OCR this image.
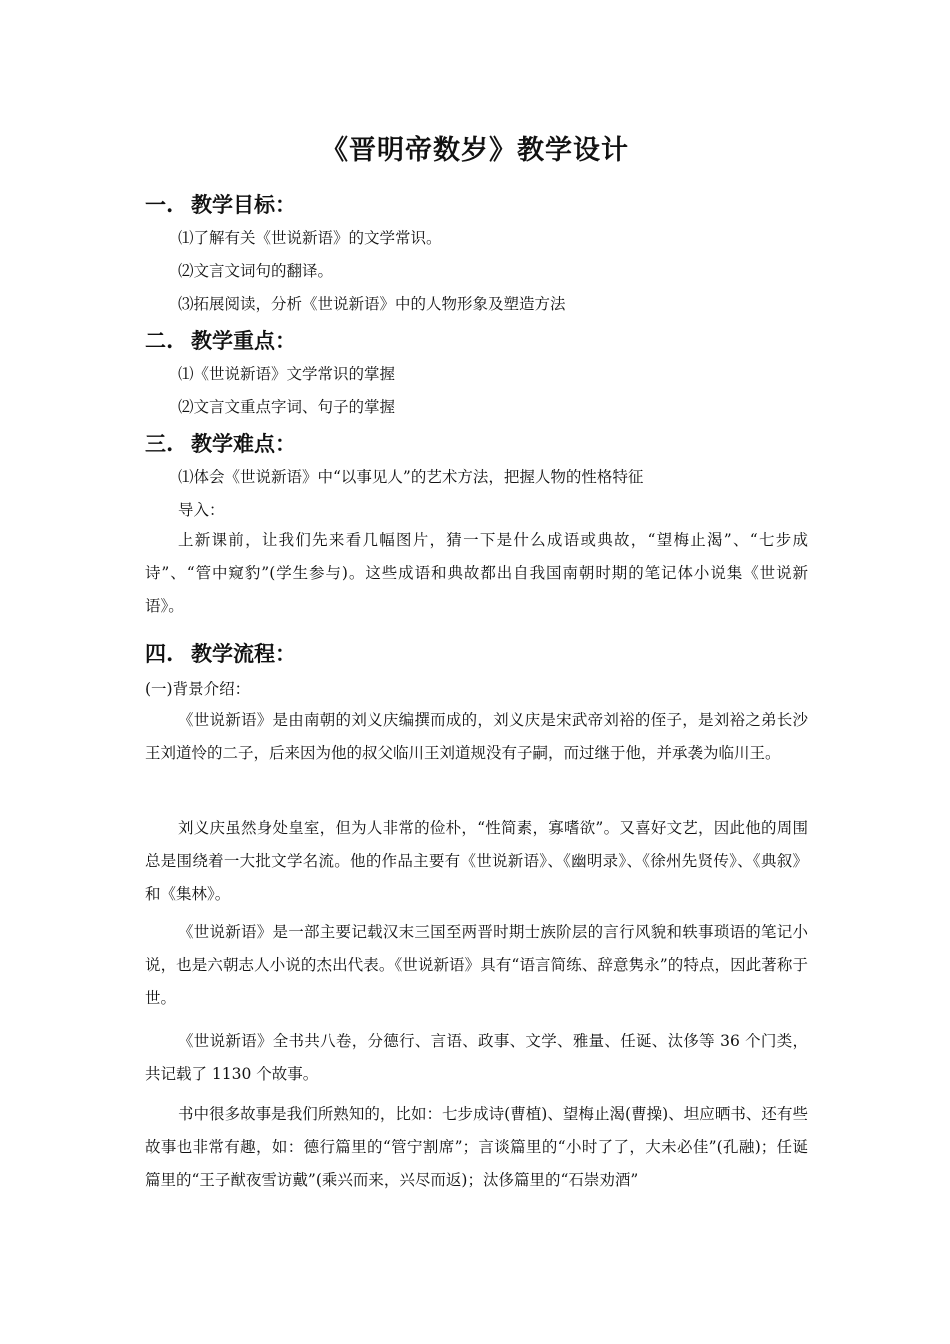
《晋明帝数岁》教学设计
一. 教学目标：
⑴了解有关《世说新语》的文学常识。
⑵文言文词句的翻译。
⑶拓展阅读，分析《世说新语》中的人物形象及塑造方法
二. 教学重点：
⑴《世说新语》文学常识的掌握
⑵文言文重点字词、句子的掌握
三. 教学难点：
⑴体会《世说新语》中“以事见人”的艺术方法，把握人物的性格特征
导入：
上新课前，让我们先来看几幅图片，猜一下是什么成语或典故，“望梅止渴”、“七步成诗”、“管中窥豹”(学生参与)。这些成语和典故都出自我国南朝时期的笔记体小说集《世说新语》。
四. 教学流程：
(一)背景介绍：
《世说新语》是由南朝的刘义庆编撰而成的，刘义庆是宋武帝刘裕的侄子，是刘裕之弟长沙王刘道怜的二子，后来因为他的叔父临川王刘道规没有子嗣，而过继于他，并承袭为临川王。
刘义庆虽然身处皇室，但为人非常的俭朴，“性简素，寡嗜欲”。又喜好文艺，因此他的周围总是围绕着一大批文学名流。他的作品主要有《世说新语》、《幽明录》、《徐州先贤传》、《典叙》和《集林》。
《世说新语》是一部主要记载汉末三国至两晋时期士族阶层的言行风貌和轶事琐语的笔记小说，也是六朝志人小说的杰出代表。《世说新语》具有“语言简练、辞意隽永”的特点，因此著称于世。
《世说新语》全书共八卷，分德行、言语、政事、文学、雅量、任诞、汰侈等 36 个门类，共记载了 1130 个故事。
书中很多故事是我们所熟知的，比如：七步成诗(曹植)、望梅止渴(曹操)、坦应晒书、还有些故事也非常有趣，如：德行篇里的“管宁割席”；言谈篇里的“小时了了，大未必佳”(孔融)；任诞篇里的“王子猷夜雪访戴”(乘兴而来，兴尽而返)；汰侈篇里的“石崇劝酒”
